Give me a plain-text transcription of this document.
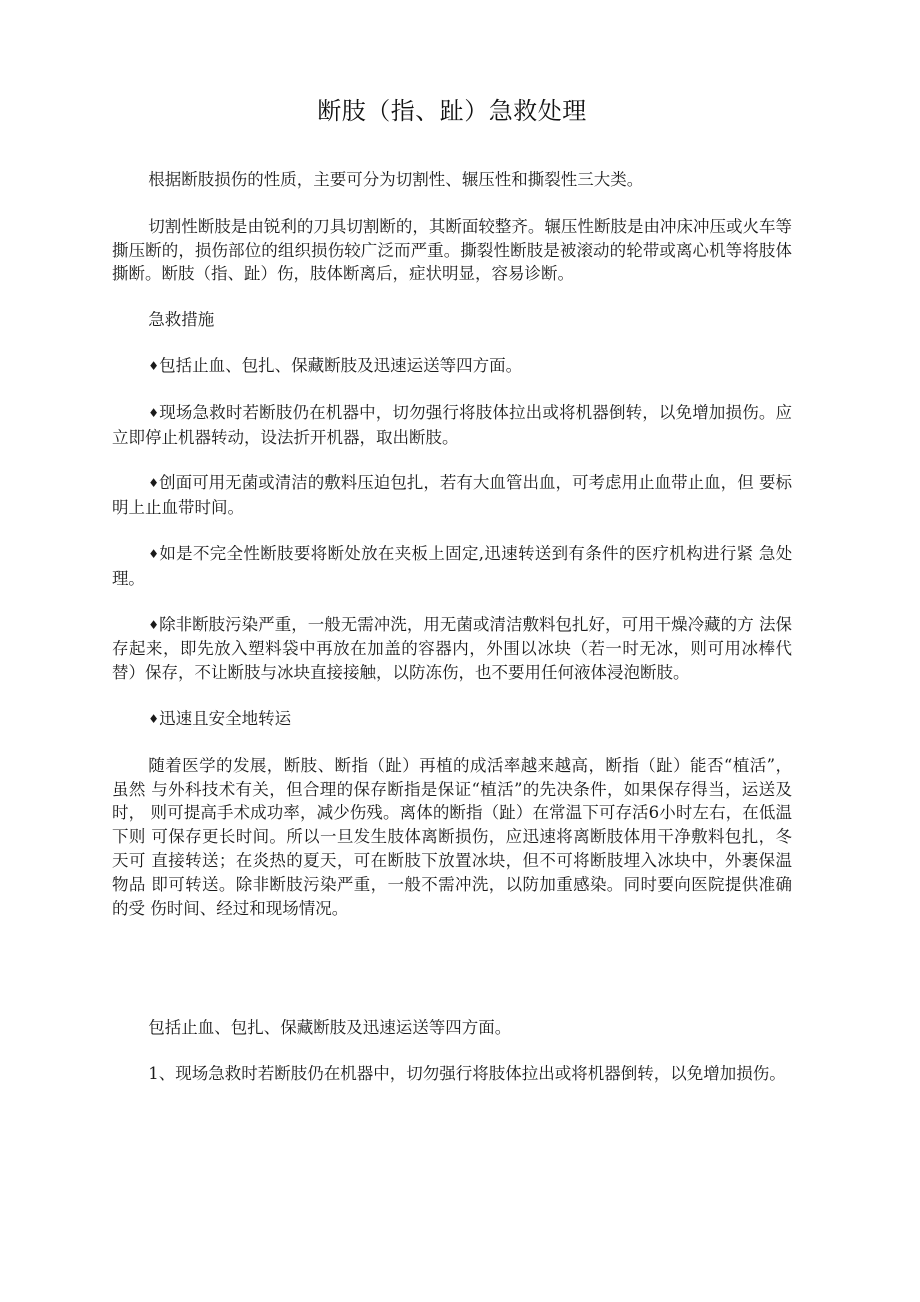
断肢（指、趾）急救处理

根据断肢损伤的性质，主要可分为切割性、辗压性和撕裂性三大类。

切割性断肢是由锐利的刀具切割断的，其断面较整齐。辗压性断肢是由冲床冲压或火车等撕压断的，损伤部位的组织损伤较广泛而严重。撕裂性断肢是被滚动的轮带或离心机等将肢体撕断。断肢（指、趾）伤，肢体断离后，症状明显，容易诊断。

急救措施

♦包括止血、包扎、保藏断肢及迅速运送等四方面。

♦现场急救时若断肢仍在机器中，切勿强行将肢体拉出或将机器倒转，以免增加损伤。应立即停止机器转动，设法折开机器，取出断肢。

♦创面可用无菌或清洁的敷料压迫包扎，若有大血管出血，可考虑用止血带止血，但 要标明上止血带时间。

♦如是不完全性断肢要将断处放在夹板上固定,迅速转送到有条件的医疗机构进行紧 急处理。

♦除非断肢污染严重，一般无需冲洗，用无菌或清洁敷料包扎好，可用干燥冷藏的方 法保存起来，即先放入塑料袋中再放在加盖的容器内，外围以冰块（若一时无冰，则可用冰棒代替）保存，不让断肢与冰块直接接触，以防冻伤，也不要用任何液体浸泡断肢。

♦迅速且安全地转运

随着医学的发展，断肢、断指（趾）再植的成活率越来越高，断指（趾）能否“植活”，虽然 与外科技术有关，但合理的保存断指是保证“植活”的先决条件，如果保存得当，运送及时， 则可提高手术成功率，减少伤残。离体的断指（趾）在常温下可存活6小时左右，在低温下则 可保存更长时间。所以一旦发生肢体离断损伤，应迅速将离断肢体用干净敷料包扎，冬天可 直接转送；在炎热的夏天，可在断肢下放置冰块，但不可将断肢埋入冰块中，外裹保温物品 即可转送。除非断肢污染严重，一般不需冲洗，以防加重感染。同时要向医院提供准确的受 伤时间、经过和现场情况。

包括止血、包扎、保藏断肢及迅速运送等四方面。

1、现场急救时若断肢仍在机器中，切勿强行将肢体拉出或将机器倒转，以免增加损伤。
